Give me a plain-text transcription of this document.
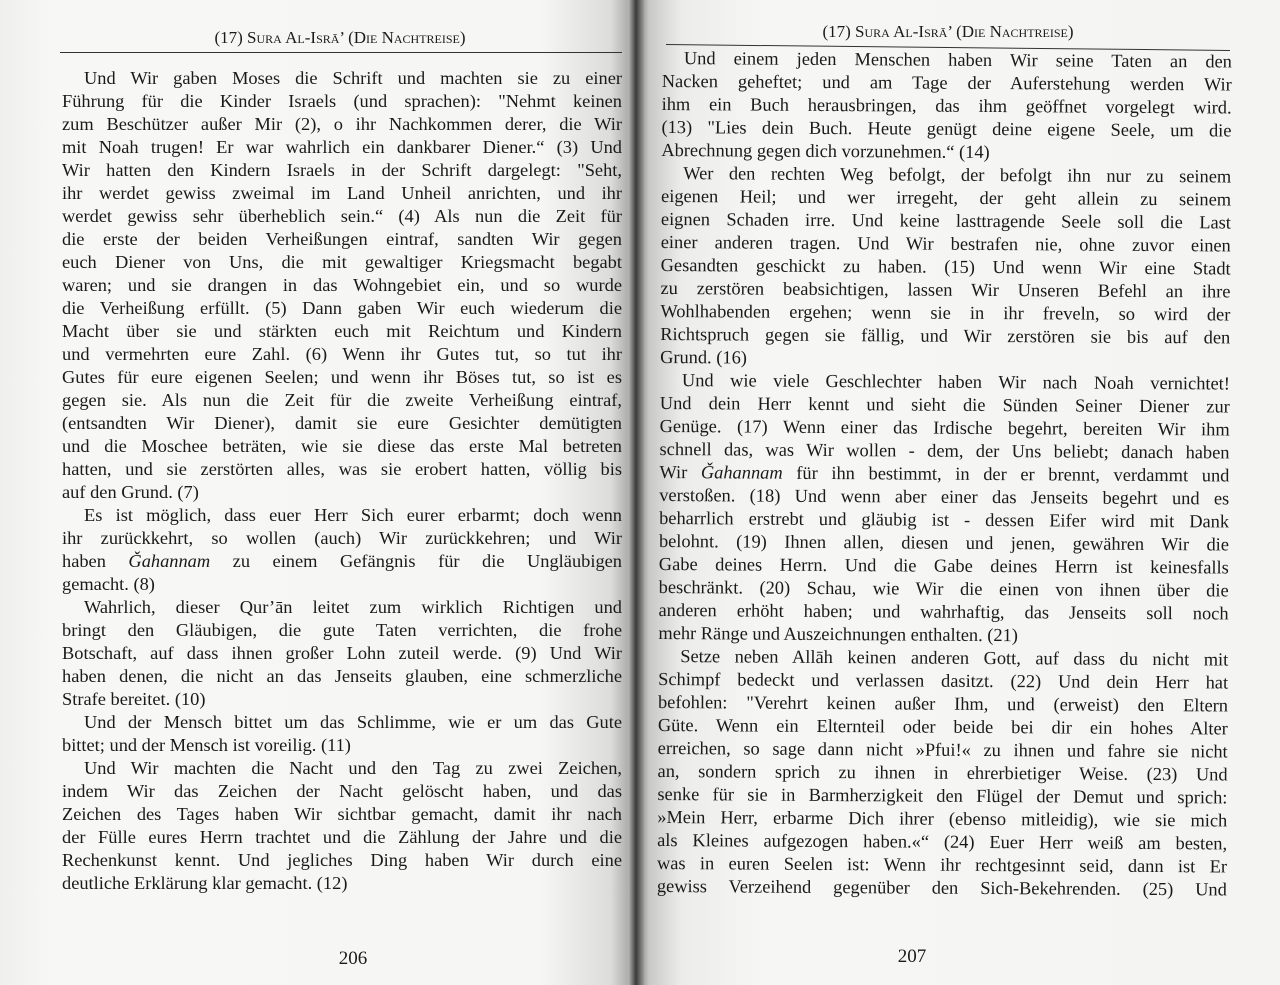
(17) Sura Al-Isrā’ (Die Nachtreise)
Und Wir gaben Moses die Schrift und machten sie zu einer
Führung für die Kinder Israels (und sprachen): "Nehmt keinen
zum Beschützer außer Mir (2), o ihr Nachkommen derer, die Wir
mit Noah trugen! Er war wahrlich ein dankbarer Diener.“ (3) Und
Wir hatten den Kindern Israels in der Schrift dargelegt: "Seht,
ihr werdet gewiss zweimal im Land Unheil anrichten, und ihr
werdet gewiss sehr überheblich sein.“ (4) Als nun die Zeit für
die erste der beiden Verheißungen eintraf, sandten Wir gegen
euch Diener von Uns, die mit gewaltiger Kriegsmacht begabt
waren; und sie drangen in das Wohngebiet ein, und so wurde
die Verheißung erfüllt. (5) Dann gaben Wir euch wiederum die
Macht über sie und stärkten euch mit Reichtum und Kindern
und vermehrten eure Zahl. (6) Wenn ihr Gutes tut, so tut ihr
Gutes für eure eigenen Seelen; und wenn ihr Böses tut, so ist es
gegen sie. Als nun die Zeit für die zweite Verheißung eintraf,
(entsandten Wir Diener), damit sie eure Gesichter demütigten
und die Moschee beträten, wie sie diese das erste Mal betreten
hatten, und sie zerstörten alles, was sie erobert hatten, völlig bis
auf den Grund. (7)
Es ist möglich, dass euer Herr Sich eurer erbarmt; doch wenn
ihr zurückkehrt, so wollen (auch) Wir zurückkehren; und Wir
haben Ǧahannam zu einem Gefängnis für die Ungläubigen
gemacht. (8)
Wahrlich, dieser Qur’ān leitet zum wirklich Richtigen und
bringt den Gläubigen, die gute Taten verrichten, die frohe
Botschaft, auf dass ihnen großer Lohn zuteil werde. (9) Und Wir
haben denen, die nicht an das Jenseits glauben, eine schmerzliche
Strafe bereitet. (10)
Und der Mensch bittet um das Schlimme, wie er um das Gute
bittet; und der Mensch ist voreilig. (11)
Und Wir machten die Nacht und den Tag zu zwei Zeichen,
indem Wir das Zeichen der Nacht gelöscht haben, und das
Zeichen des Tages haben Wir sichtbar gemacht, damit ihr nach
der Fülle eures Herrn trachtet und die Zählung der Jahre und die
Rechenkunst kennt. Und jegliches Ding haben Wir durch eine
deutliche Erklärung klar gemacht. (12)
206
(17) Sura Al-Isrā’ (Die Nachtreise)
Und einem jeden Menschen haben Wir seine Taten an den
Nacken geheftet; und am Tage der Auferstehung werden Wir
ihm ein Buch herausbringen, das ihm geöffnet vorgelegt wird.
(13) "Lies dein Buch. Heute genügt deine eigene Seele, um die
Abrechnung gegen dich vorzunehmen.“ (14)
Wer den rechten Weg befolgt, der befolgt ihn nur zu seinem
eigenen Heil; und wer irregeht, der geht allein zu seinem
eignen Schaden irre. Und keine lasttragende Seele soll die Last
einer anderen tragen. Und Wir bestrafen nie, ohne zuvor einen
Gesandten geschickt zu haben. (15) Und wenn Wir eine Stadt
zu zerstören beabsichtigen, lassen Wir Unseren Befehl an ihre
Wohlhabenden ergehen; wenn sie in ihr freveln, so wird der
Richtspruch gegen sie fällig, und Wir zerstören sie bis auf den
Grund. (16)
Und wie viele Geschlechter haben Wir nach Noah vernichtet!
Und dein Herr kennt und sieht die Sünden Seiner Diener zur
Genüge. (17) Wenn einer das Irdische begehrt, bereiten Wir ihm
schnell das, was Wir wollen - dem, der Uns beliebt; danach haben
Wir Ǧahannam für ihn bestimmt, in der er brennt, verdammt und
verstoßen. (18) Und wenn aber einer das Jenseits begehrt und es
beharrlich erstrebt und gläubig ist - dessen Eifer wird mit Dank
belohnt. (19) Ihnen allen, diesen und jenen, gewähren Wir die
Gabe deines Herrn. Und die Gabe deines Herrn ist keinesfalls
beschränkt. (20) Schau, wie Wir die einen von ihnen über die
anderen erhöht haben; und wahrhaftig, das Jenseits soll noch
mehr Ränge und Auszeichnungen enthalten. (21)
Setze neben Allāh keinen anderen Gott, auf dass du nicht mit
Schimpf bedeckt und verlassen dasitzt. (22) Und dein Herr hat
befohlen: "Verehrt keinen außer Ihm, und (erweist) den Eltern
Güte. Wenn ein Elternteil oder beide bei dir ein hohes Alter
erreichen, so sage dann nicht »Pfui!« zu ihnen und fahre sie nicht
an, sondern sprich zu ihnen in ehrerbietiger Weise. (23) Und
senke für sie in Barmherzigkeit den Flügel der Demut und sprich:
»Mein Herr, erbarme Dich ihrer (ebenso mitleidig), wie sie mich
als Kleines aufgezogen haben.«“ (24) Euer Herr weiß am besten,
was in euren Seelen ist: Wenn ihr rechtgesinnt seid, dann ist Er
gewiss Verzeihend gegenüber den Sich-Bekehrenden. (25) Und
207
